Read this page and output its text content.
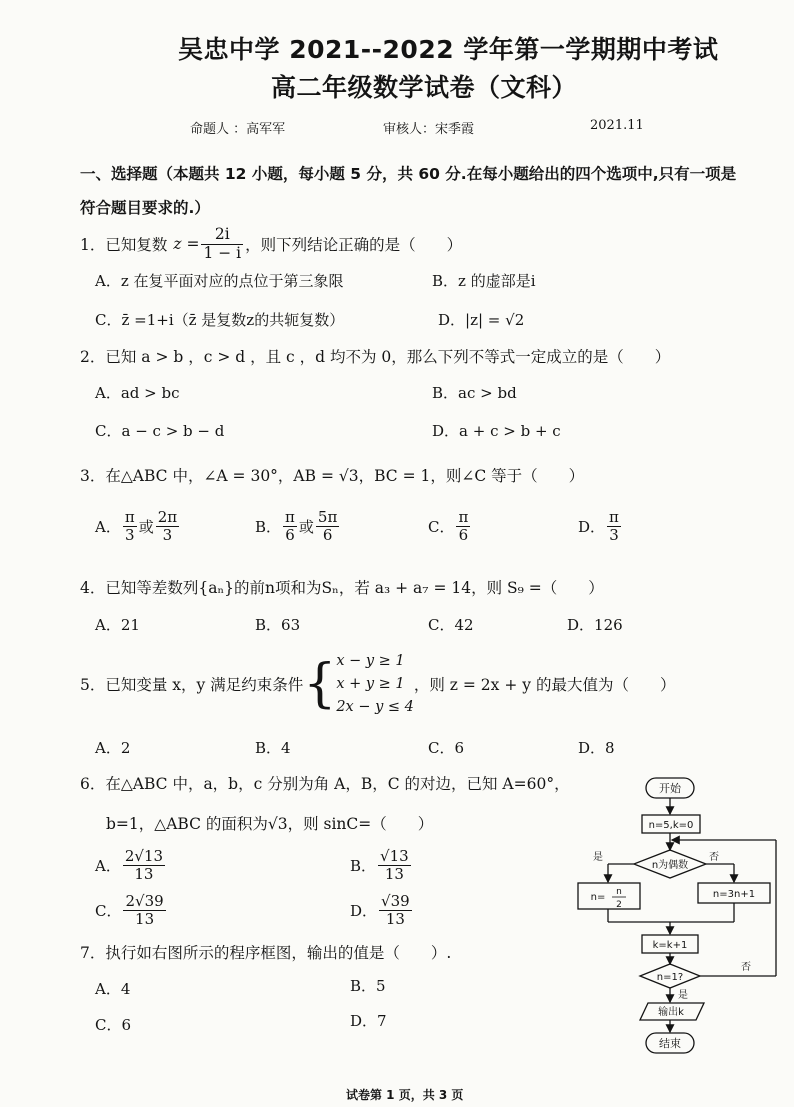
吴忠中学 2021--2022 学年第一学期期中考试
高二年级数学试卷（文科）
命题人 ：高军军	审核人：宋季霞	2021.11
一、选择题（本题共 12 小题，每小题 5 分，共 60 分.在每小题给出的四个选项中,只有一项是
符合题目要求的.）
1．已知复数 $z = \frac{2i}{1 - i}$ ，则下列结论正确的是（　　）
A．z 在复平面对应的点位于第三象限	B．z 的虚部是i
C．z̄ =1+i（z̄ 是复数z的共轭复数）	D．|z| = √2
2．已知 a > b ，c > d ，且 c ，d 均不为 0，那么下列不等式一定成立的是（　　）
A．ad > bc	B．ac > bd
C．a − c > b − d	D．a + c > b + c
3．在△ABC 中，∠A = 30°，AB = √3，BC = 1，则∠C 等于（　　）
A． $\frac{\pi}{3}$ 或 $\frac{2\pi}{3}$	B． $\frac{\pi}{6}$ 或 $\frac{5\pi}{6}$	C． $\frac{\pi}{6}$	D． $\frac{\pi}{3}$
4．已知等差数列{aₙ}的前n项和为Sₙ，若 a₃ + a₇ = 14，则 S₉ =（　　）
A．21	B．63	C．42	D．126
5．已知变量 x，y 满足约束条件 { x − y ≥ 1
x + y ≥ 1
2x − y ≤ 4
，则 z = 2x + y 的最大值为（　　）
A．2	B．4	C．6	D．8
6．在△ABC 中，a，b，c 分别为角 A，B，C 的对边，已知 A=60°，
b=1，△ABC 的面积为√3，则 sinC=（　　）
A． $\frac{2√13}{13}$	B． $\frac{√13}{13}$
C． $\frac{2√39}{13}$	D． $\frac{√39}{13}$
7．执行如右图所示的程序框图，输出的值是（　　）.
A．4	B．5
C．6	D．7
开始
n=5,k=0
n为偶数
是	否
n= n
2
n=3n+1
k=k+1
n=1?
否
是
输出k
结束
试卷第 1 页，共 3 页
